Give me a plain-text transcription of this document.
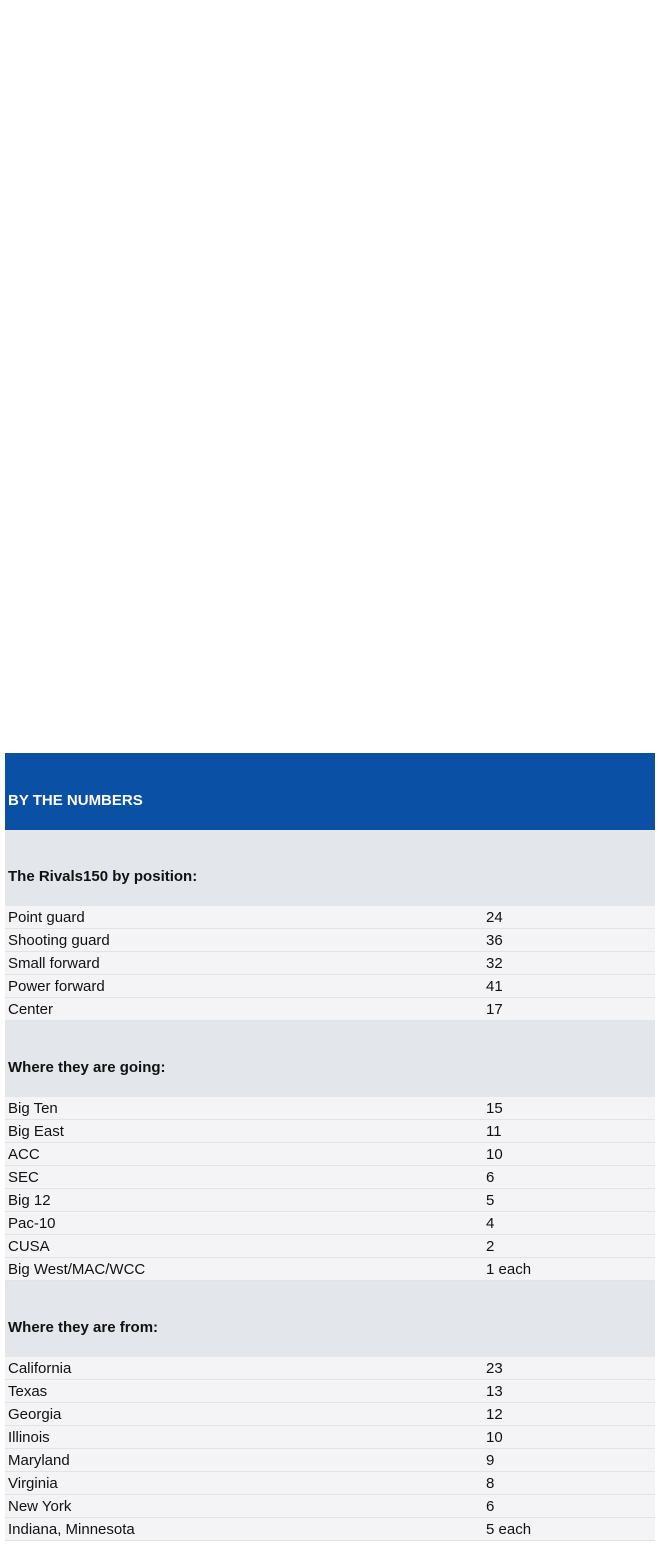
BY THE NUMBERS
The Rivals150 by position:
Point guard	24
Shooting guard	36
Small forward	32
Power forward	41
Center	17
Where they are going:
Big Ten	15
Big East	11
ACC	10
SEC	6
Big 12	5
Pac-10	4
CUSA	2
Big West/MAC/WCC	1 each
Where they are from:
California	23
Texas	13
Georgia	12
Illinois	10
Maryland	9
Virginia	8
New York	6
Indiana, Minnesota	5 each
